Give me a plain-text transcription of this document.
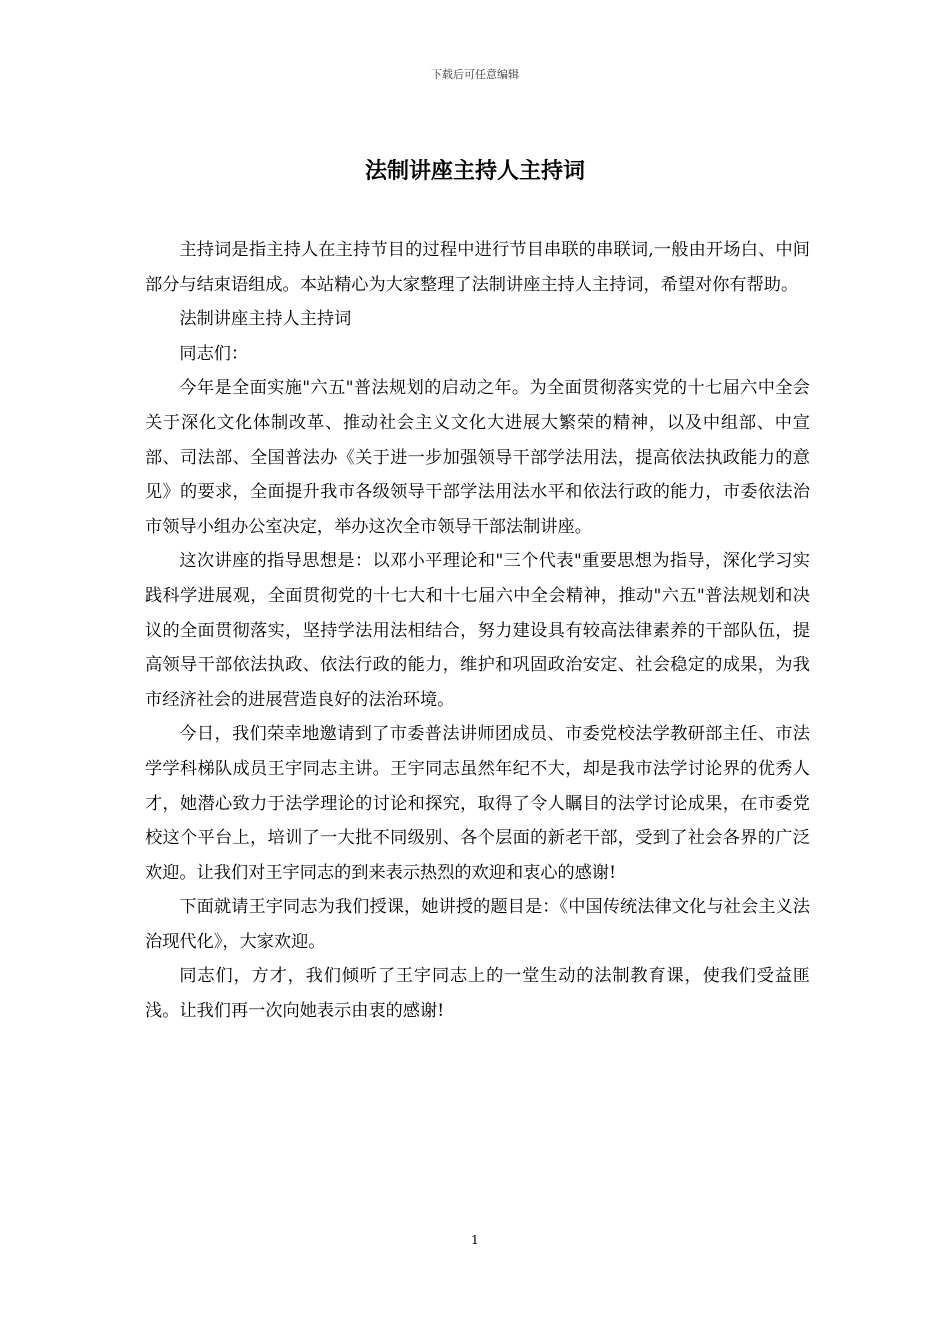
下载后可任意编辑
法制讲座主持人主持词

主持词是指主持人在主持节目的过程中进行节目串联的串联词,一般由开场白、中间部分与结束语组成。本站精心为大家整理了法制讲座主持人主持词，希望对你有帮助。

法制讲座主持人主持词

同志们：

今年是全面实施"六五"普法规划的启动之年。为全面贯彻落实党的十七届六中全会关于深化文化体制改革、推动社会主义文化大进展大繁荣的精神，以及中组部、中宣部、司法部、全国普法办《关于进一步加强领导干部学法用法，提高依法执政能力的意见》的要求，全面提升我市各级领导干部学法用法水平和依法行政的能力，市委依法治市领导小组办公室决定，举办这次全市领导干部法制讲座。

这次讲座的指导思想是：以邓小平理论和"三个代表"重要思想为指导，深化学习实践科学进展观，全面贯彻党的十七大和十七届六中全会精神，推动"六五"普法规划和决议的全面贯彻落实，坚持学法用法相结合，努力建设具有较高法律素养的干部队伍，提高领导干部依法执政、依法行政的能力，维护和巩固政治安定、社会稳定的成果，为我市经济社会的进展营造良好的法治环境。

今日，我们荣幸地邀请到了市委普法讲师团成员、市委党校法学教研部主任、市法学学科梯队成员王宇同志主讲。王宇同志虽然年纪不大，却是我市法学讨论界的优秀人才，她潜心致力于法学理论的讨论和探究，取得了令人瞩目的法学讨论成果，在市委党校这个平台上，培训了一大批不同级别、各个层面的新老干部，受到了社会各界的广泛欢迎。让我们对王宇同志的到来表示热烈的欢迎和衷心的感谢!

下面就请王宇同志为我们授课，她讲授的题目是：《中国传统法律文化与社会主义法治现代化》，大家欢迎。

同志们，方才，我们倾听了王宇同志上的一堂生动的法制教育课，使我们受益匪浅。让我们再一次向她表示由衷的感谢!

1
